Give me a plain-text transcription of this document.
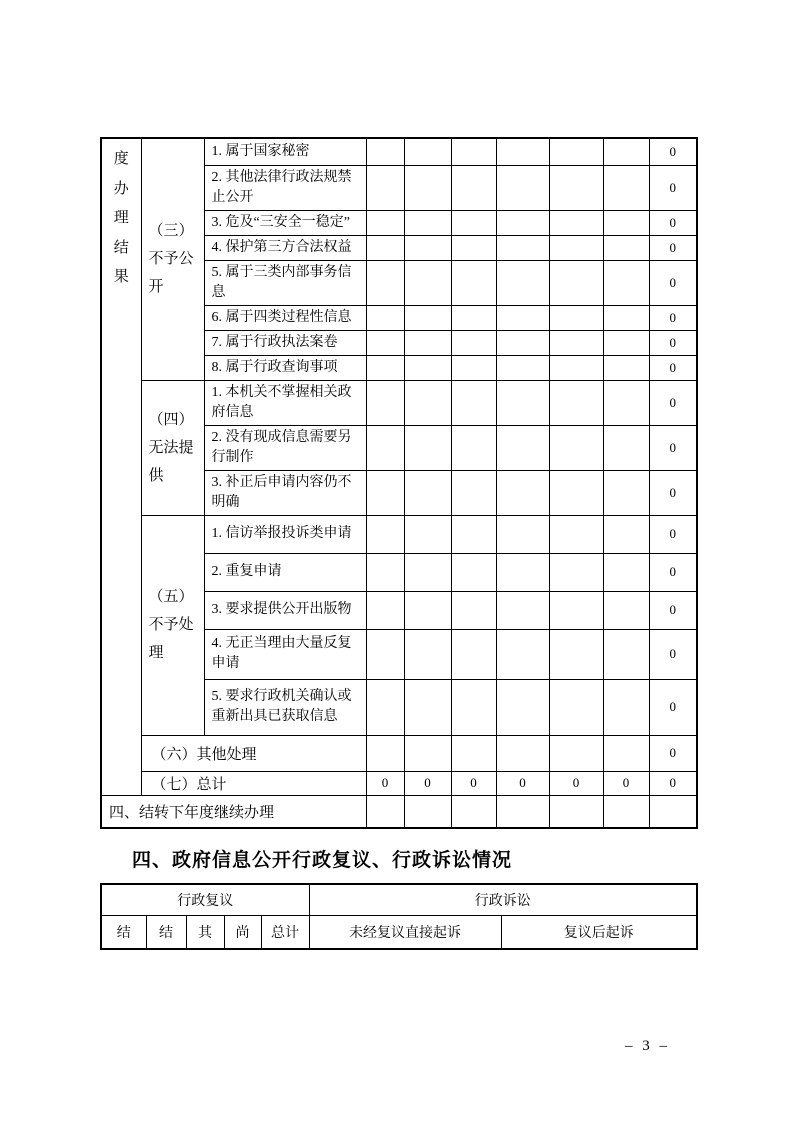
度办理结果	（三）不予公开	1. 属于国家秘密							0
		2. 其他法律行政法规禁止公开							0
		3. 危及“三安全一稳定”							0
		4. 保护第三方合法权益							0
		5. 属于三类内部事务信息							0
		6. 属于四类过程性信息							0
		7. 属于行政执法案卷							0
		8. 属于行政查询事项							0
	（四）无法提供	1. 本机关不掌握相关政府信息							0
		2. 没有现成信息需要另行制作							0
		3. 补正后申请内容仍不明确							0
	（五）不予处理	1. 信访举报投诉类申请							0
		2. 重复申请							0
		3. 要求提供公开出版物							0
		4. 无正当理由大量反复申请							0
		5. 要求行政机关确认或重新出具已获取信息							0
	（六）其他处理								0
	（七）总计		0	0	0	0	0	0	0
四、结转下年度继续办理									
四、政府信息公开行政复议、行政诉讼情况
行政复议					行政诉讼	
结	结	其	尚	总计	未经复议直接起诉	复议后起诉
– 3 –
